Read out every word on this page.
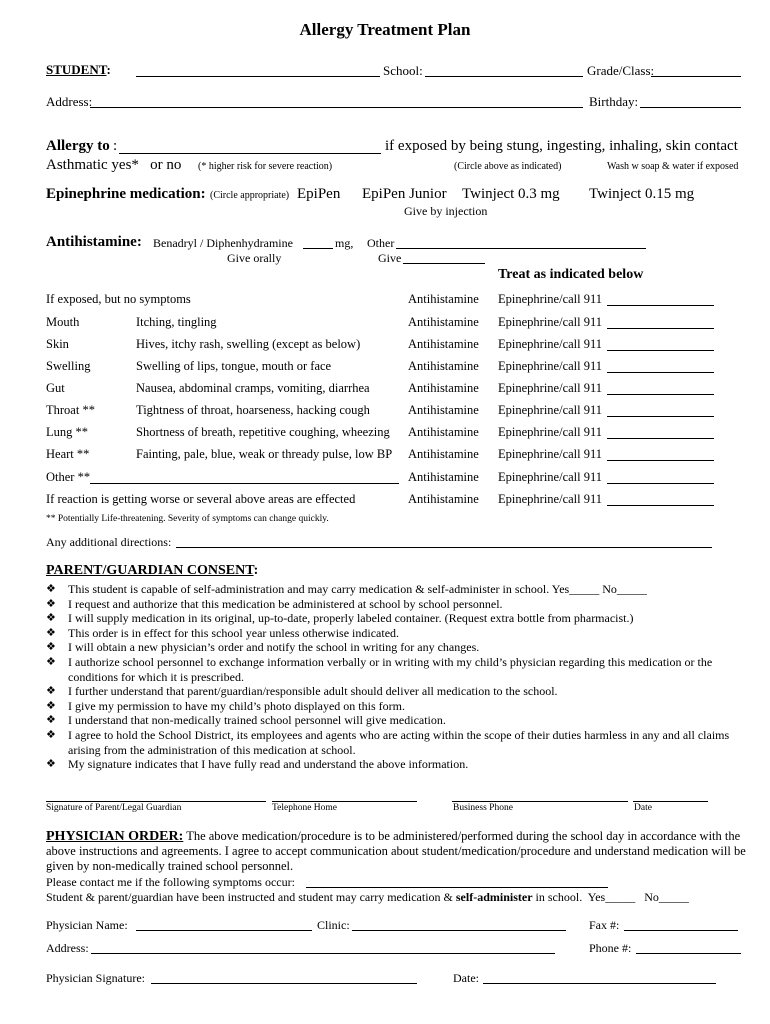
Allergy Treatment Plan
STUDENT:	School:	Grade/Class:
Address:	Birthday:
Allergy to :	if exposed by being stung, ingesting, inhaling, skin contact
Asthmatic yes*   or no (* higher risk for severe reaction)	(Circle above as indicated)	Wash w soap & water if exposed
Epinephrine medication: (Circle appropriate) EpiPen EpiPen Junior Twinject 0.3 mg Twinject 0.15 mg
Give by injection
Antihistamine: Benadryl / Diphenhydramine	mg, Other
Give orally	Give
Treat as indicated below
If exposed, but no symptoms	Antihistamine Epinephrine/call 911
Mouth	Itching, tingling	Antihistamine Epinephrine/call 911
Skin	Hives, itchy rash, swelling (except as below)	Antihistamine Epinephrine/call 911
Swelling	Swelling of lips, tongue, mouth or face	Antihistamine Epinephrine/call 911
Gut	Nausea, abdominal cramps, vomiting, diarrhea	Antihistamine Epinephrine/call 911
Throat **	Tightness of throat, hoarseness, hacking cough	Antihistamine Epinephrine/call 911
Lung **	Shortness of breath, repetitive coughing, wheezing Antihistamine Epinephrine/call 911
Heart **	Fainting, pale, blue, weak or thready pulse, low BP Antihistamine Epinephrine/call 911
Other **	Antihistamine Epinephrine/call 911
If reaction is getting worse or several above areas are effected	Antihistamine Epinephrine/call 911
** Potentially Life-threatening. Severity of symptoms can change quickly.
Any additional directions:
PARENT/GUARDIAN CONSENT:
❖ This student is capable of self-administration and may carry medication & self-administer in school. Yes_____ No_____
❖ I request and authorize that this medication be administered at school by school personnel.
❖ I will supply medication in its original, up-to-date, properly labeled container. (Request extra bottle from pharmacist.)
❖ This order is in effect for this school year unless otherwise indicated.
❖ I will obtain a new physician’s order and notify the school in writing for any changes.
❖ I authorize school personnel to exchange information verbally or in writing with my child’s physician regarding this medication or the conditions for which it is prescribed.
❖ I further understand that parent/guardian/responsible adult should deliver all medication to the school.
❖ I give my permission to have my child’s photo displayed on this form.
❖ I understand that non-medically trained school personnel will give medication.
❖ I agree to hold the School District, its employees and agents who are acting within the scope of their duties harmless in any and all claims arising from the administration of this medication at school.
❖ My signature indicates that I have fully read and understand the above information.
Signature of Parent/Legal Guardian	Telephone Home	Business Phone	Date
PHYSICIAN ORDER: The above medication/procedure is to be administered/performed during the school day in accordance with the above instructions and agreements. I agree to accept communication about student/medication/procedure and understand medication will be given by non-medically trained school personnel.
Please contact me if the following symptoms occur:
Student & parent/guardian have been instructed and student may carry medication & self-administer in school.  Yes_____   No_____
Physician Name:	Clinic:	Fax #:
Address:	Phone #:
Physician Signature:	Date:
